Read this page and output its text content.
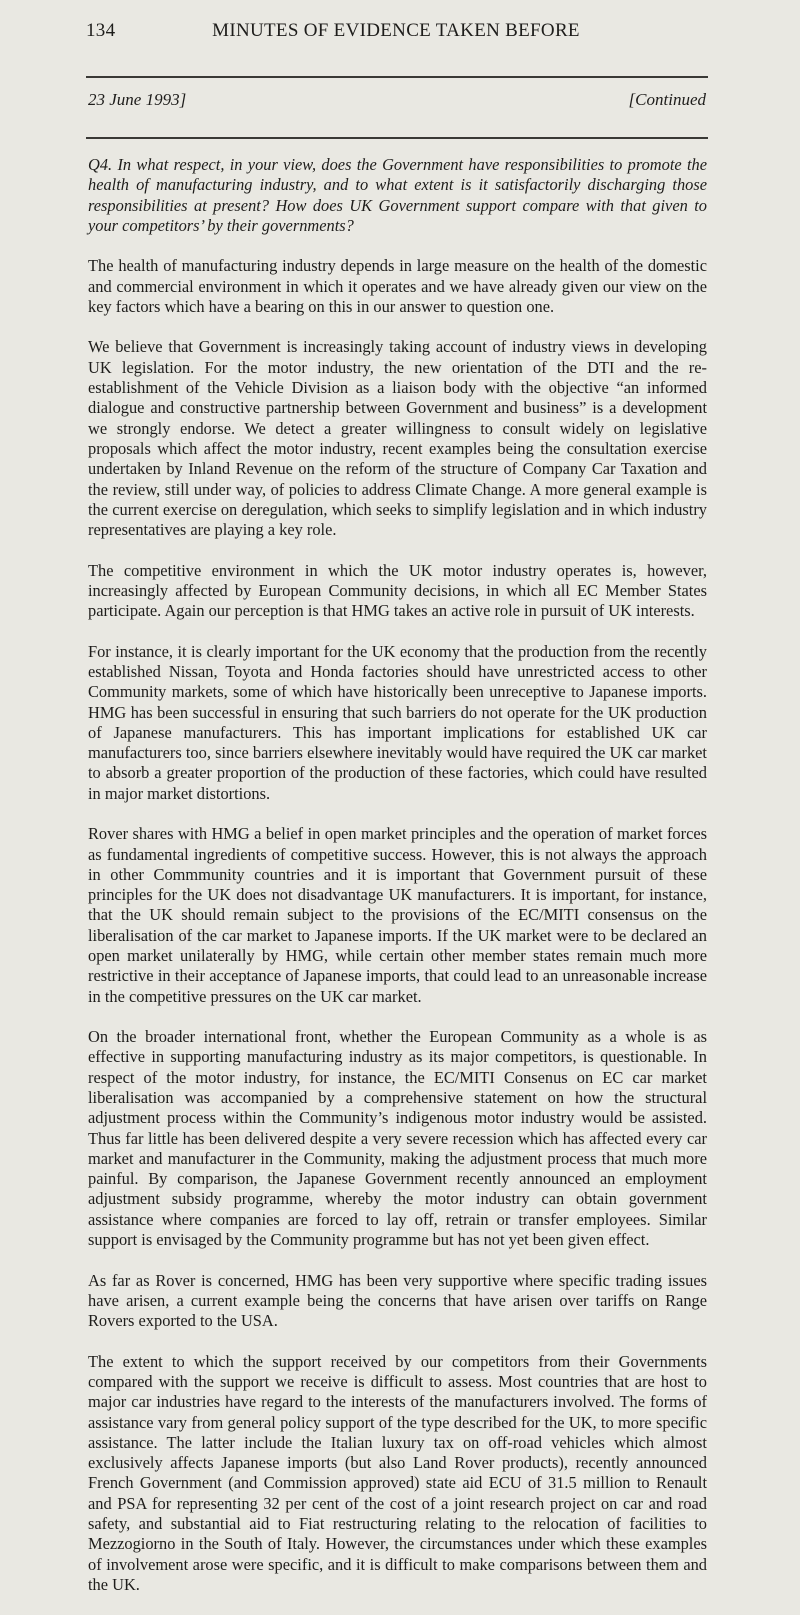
134	MINUTES OF EVIDENCE TAKEN BEFORE
23 June 1993]	[Continued

Q4. In what respect, in your view, does the Government have responsibilities to promote the health of manufacturing industry, and to what extent is it satisfactorily discharging those responsibilities at present? How does UK Government support compare with that given to your competitors’ by their governments?

The health of manufacturing industry depends in large measure on the health of the domestic and commercial environment in which it operates and we have already given our view on the key factors which have a bearing on this in our answer to question one.

We believe that Government is increasingly taking account of industry views in developing UK legislation. For the motor industry, the new orientation of the DTI and the re-establishment of the Vehicle Division as a liaison body with the objective “an informed dialogue and constructive partnership between Government and business” is a development we strongly endorse. We detect a greater willingness to consult widely on legislative proposals which affect the motor industry, recent examples being the consultation exercise undertaken by Inland Revenue on the reform of the structure of Company Car Taxation and the review, still under way, of policies to address Climate Change. A more general example is the current exercise on deregulation, which seeks to simplify legislation and in which industry representatives are playing a key role.

The competitive environment in which the UK motor industry operates is, however, increasingly affected by European Community decisions, in which all EC Member States participate. Again our perception is that HMG takes an active role in pursuit of UK interests.

For instance, it is clearly important for the UK economy that the production from the recently established Nissan, Toyota and Honda factories should have unrestricted access to other Community markets, some of which have historically been unreceptive to Japanese imports. HMG has been successful in ensuring that such barriers do not operate for the UK production of Japanese manufacturers. This has important implications for established UK car manufacturers too, since barriers elsewhere inevitably would have required the UK car market to absorb a greater proportion of the production of these factories, which could have resulted in major market distortions.

Rover shares with HMG a belief in open market principles and the operation of market forces as fundamental ingredients of competitive success. However, this is not always the approach in other Commmunity countries and it is important that Government pursuit of these principles for the UK does not disadvantage UK manufacturers. It is important, for instance, that the UK should remain subject to the provisions of the EC/MITI consensus on the liberalisation of the car market to Japanese imports. If the UK market were to be declared an open market unilaterally by HMG, while certain other member states remain much more restrictive in their acceptance of Japanese imports, that could lead to an unreasonable increase in the competitive pressures on the UK car market.

On the broader international front, whether the European Community as a whole is as effective in supporting manufacturing industry as its major competitors, is questionable. In respect of the motor industry, for instance, the EC/MITI Consenus on EC car market liberalisation was accompanied by a comprehensive statement on how the structural adjustment process within the Community’s indigenous motor industry would be assisted. Thus far little has been delivered despite a very severe recession which has affected every car market and manufacturer in the Community, making the adjustment process that much more painful. By comparison, the Japanese Government recently announced an employment adjustment subsidy programme, whereby the motor industry can obtain government assistance where companies are forced to lay off, retrain or transfer employees. Similar support is envisaged by the Community programme but has not yet been given effect.

As far as Rover is concerned, HMG has been very supportive where specific trading issues have arisen, a current example being the concerns that have arisen over tariffs on Range Rovers exported to the USA.

The extent to which the support received by our competitors from their Governments compared with the support we receive is difficult to assess. Most countries that are host to major car industries have regard to the interests of the manufacturers involved. The forms of assistance vary from general policy support of the type described for the UK, to more specific assistance. The latter include the Italian luxury tax on off-road vehicles which almost exclusively affects Japanese imports (but also Land Rover products), recently announced French Government (and Commission approved) state aid ECU of 31.5 million to Renault and PSA for representing 32 per cent of the cost of a joint research project on car and road safety, and substantial aid to Fiat restructuring relating to the relocation of facilities to Mezzogiorno in the South of Italy. However, the circumstances under which these examples of involvement arose were specific, and it is difficult to make comparisons between them and the UK.
